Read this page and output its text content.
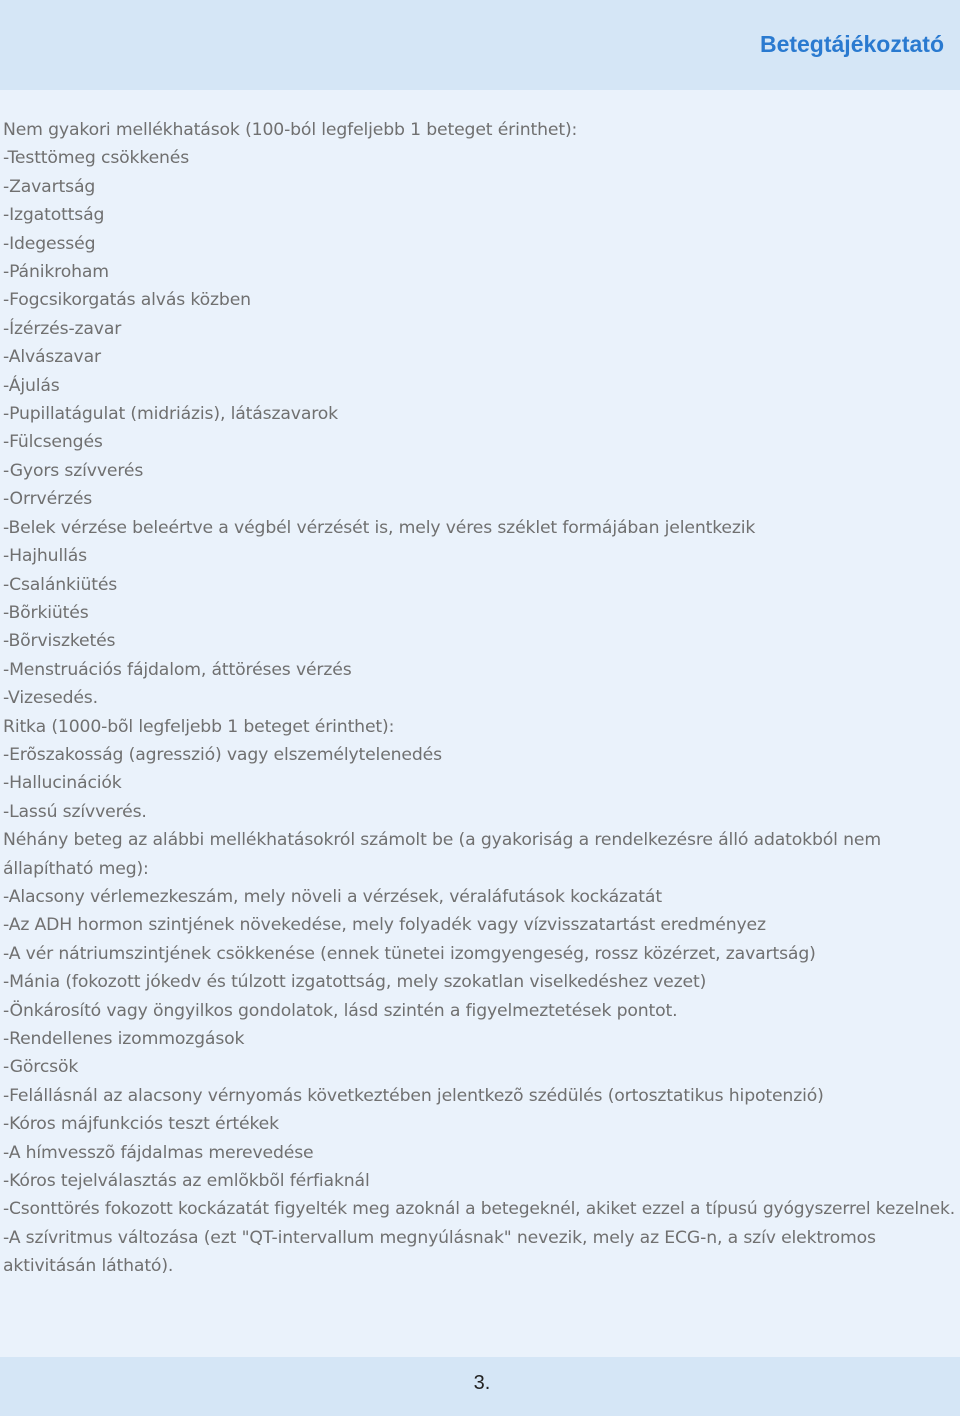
Betegtájékoztató
Nem gyakori mellékhatások (100-ból legfeljebb 1 beteget érinthet):
-Testtömeg csökkenés
-Zavartság
-Izgatottság
-Idegesség
-Pánikroham
-Fogcsikorgatás alvás közben
-Ízérzés-zavar
-Alvászavar
-Ájulás
-Pupillatágulat (midriázis), látászavarok
-Fülcsengés
-Gyors szívverés
-Orrvérzés
-Belek vérzése beleértve a végbél vérzését is, mely véres széklet formájában jelentkezik
-Hajhullás
-Csalánkiütés
-Bõrkiütés
-Bõrviszketés
-Menstruációs fájdalom, áttöréses vérzés
-Vizesedés.
Ritka (1000-bõl legfeljebb 1 beteget érinthet):
-Erõszakosság (agresszió) vagy elszemélytelenedés
-Hallucinációk
-Lassú szívverés.
Néhány beteg az alábbi mellékhatásokról számolt be (a gyakoriság a rendelkezésre álló adatokból nem
állapítható meg):
-Alacsony vérlemezkeszám, mely növeli a vérzések, véraláfutások kockázatát
-Az ADH hormon szintjének növekedése, mely folyadék vagy vízvisszatartást eredményez
-A vér nátriumszintjének csökkenése (ennek tünetei izomgyengeség, rossz közérzet, zavartság)
-Mánia (fokozott jókedv és túlzott izgatottság, mely szokatlan viselkedéshez vezet)
-Önkárosító vagy öngyilkos gondolatok, lásd szintén a figyelmeztetések pontot.
-Rendellenes izommozgások
-Görcsök
-Felállásnál az alacsony vérnyomás következtében jelentkezõ szédülés (ortosztatikus hipotenzió)
-Kóros májfunkciós teszt értékek
-A hímvesszõ fájdalmas merevedése
-Kóros tejelválasztás az emlõkbõl férfiaknál
-Csonttörés fokozott kockázatát figyelték meg azoknál a betegeknél, akiket ezzel a típusú gyógyszerrel kezelnek.
-A szívritmus változása (ezt "QT-intervallum megnyúlásnak" nevezik, mely az ECG-n, a szív elektromos
aktivitásán látható).
3.
